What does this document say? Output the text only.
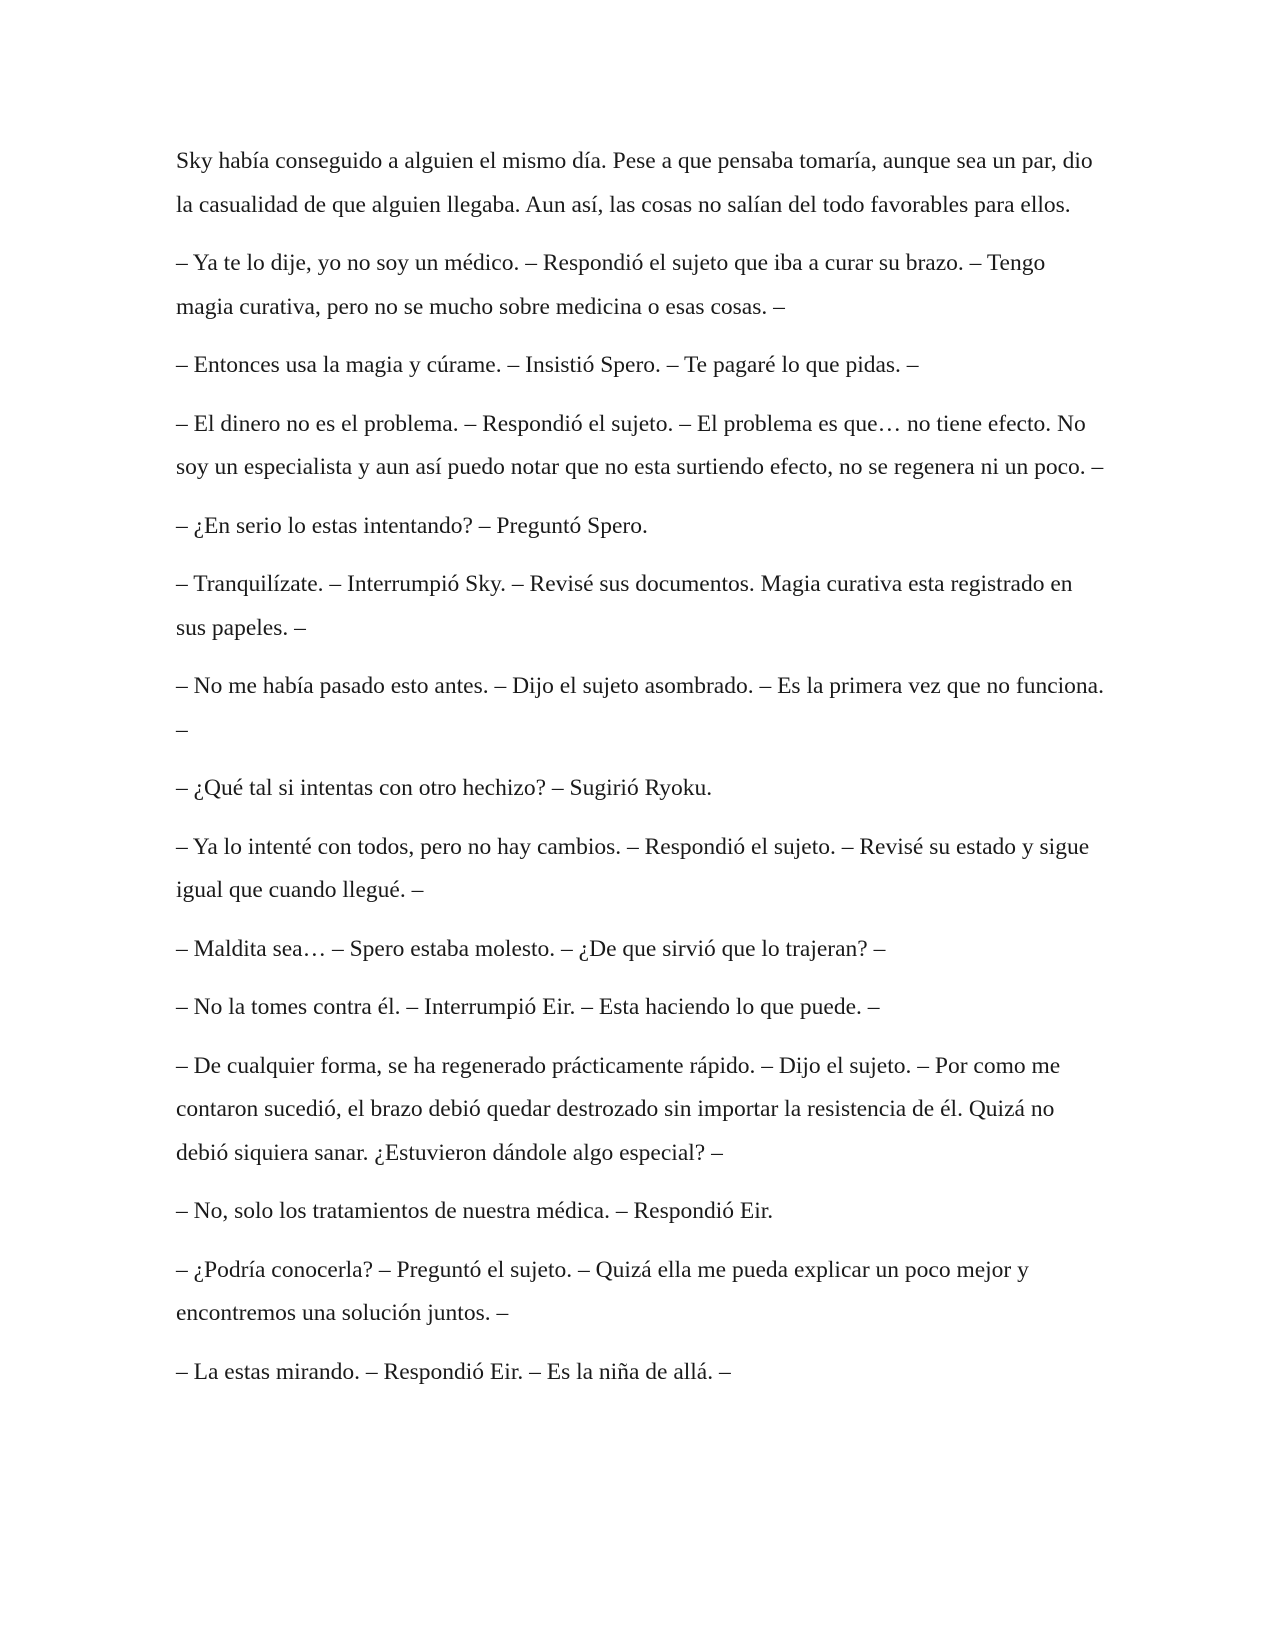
Sky había conseguido a alguien el mismo día. Pese a que pensaba tomaría, aunque sea un par, dio la casualidad de que alguien llegaba. Aun así, las cosas no salían del todo favorables para ellos.

– Ya te lo dije, yo no soy un médico. – Respondió el sujeto que iba a curar su brazo. – Tengo magia curativa, pero no se mucho sobre medicina o esas cosas. –

– Entonces usa la magia y cúrame. – Insistió Spero. – Te pagaré lo que pidas. –

– El dinero no es el problema. – Respondió el sujeto. – El problema es que… no tiene efecto. No soy un especialista y aun así puedo notar que no esta surtiendo efecto, no se regenera ni un poco. –

– ¿En serio lo estas intentando? – Preguntó Spero.

– Tranquilízate. – Interrumpió Sky. – Revisé sus documentos. Magia curativa esta registrado en sus papeles. –

– No me había pasado esto antes. – Dijo el sujeto asombrado. – Es la primera vez que no funciona. –

– ¿Qué tal si intentas con otro hechizo? – Sugirió Ryoku.

– Ya lo intenté con todos, pero no hay cambios. – Respondió el sujeto. – Revisé su estado y sigue igual que cuando llegué. –

– Maldita sea… – Spero estaba molesto. – ¿De que sirvió que lo trajeran? –

– No la tomes contra él. – Interrumpió Eir. – Esta haciendo lo que puede. –

– De cualquier forma, se ha regenerado prácticamente rápido. – Dijo el sujeto. – Por como me contaron sucedió, el brazo debió quedar destrozado sin importar la resistencia de él. Quizá no debió siquiera sanar. ¿Estuvieron dándole algo especial? –

– No, solo los tratamientos de nuestra médica. – Respondió Eir.

– ¿Podría conocerla? – Preguntó el sujeto. – Quizá ella me pueda explicar un poco mejor y encontremos una solución juntos. –

– La estas mirando. – Respondió Eir. – Es la niña de allá. –
